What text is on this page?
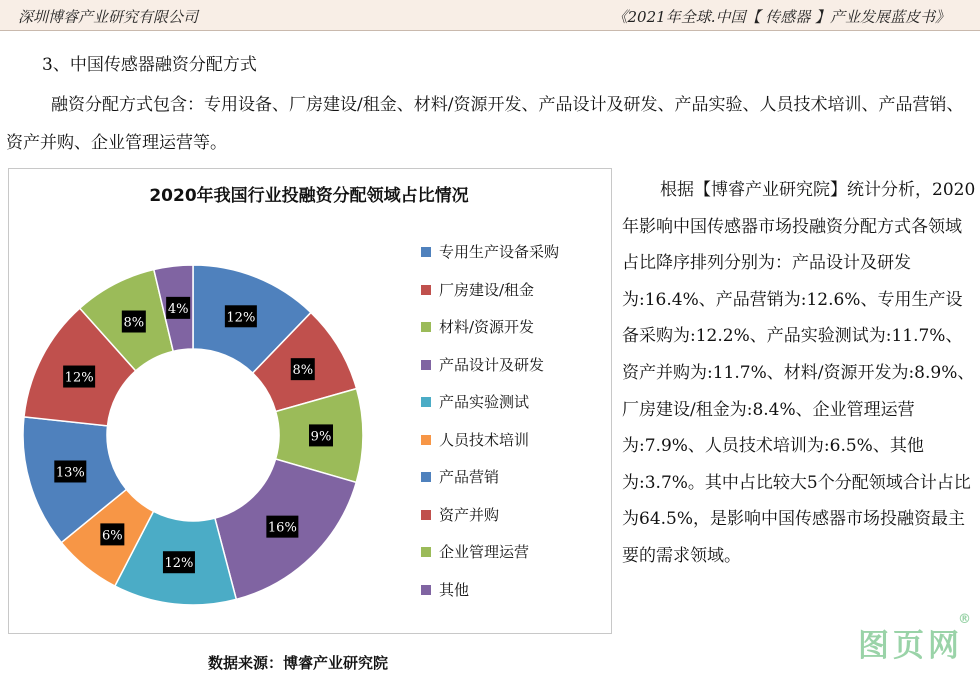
深圳博睿产业研究有限公司	《2021年全球.中国【 传感器 】产业发展蓝皮书》
3、中国传感器融资分配方式
融资分配方式包含：专用设备、厂房建设/租金、材料/资源开发、产品设计及研发、产品实验、人员技术培训、产品营销、资产并购、企业管理运营等。
12%
8%
9%
16%
12%
6%
13%
12%
8%
4%
2020年我国行业投融资分配领域占比情况
专用生产设备采购
厂房建设/租金
材料/资源开发
产品设计及研发
产品实验测试
人员技术培训
产品营销
资产并购
企业管理运营
其他

根据【博睿产业研究院】统计分析，2020年影响中国传感器市场投融资分配方式各领域占比降序排列分别为：产品设计及研发为:16.4%、产品营销为:12.6%、专用生产设备采购为:12.2%、产品实验测试为:11.7%、资产并购为:11.7%、材料/资源开发为:8.9%、厂房建设/租金为:8.4%、企业管理运营为:7.9%、人员技术培训为:6.5%、其他为:3.7%。其中占比较大5个分配领域合计占比为64.5%，是影响中国传感器市场投融资最主要的需求领域。

数据来源：博睿产业研究院	图页网
®
